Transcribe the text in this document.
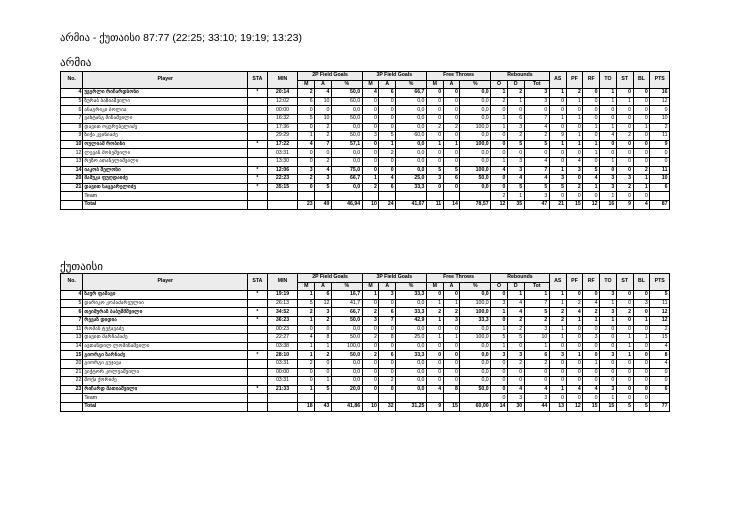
არმია - ქუთაისი 87:77 (22:25; 33:10; 19:19; 13:23)
არმია
No.	Player	STA	MIN	2P Field Goals			3P Field Goals			Free Throws			Rebounds			AS	PF	RF	TO	ST	BL	PTS
				M	A	%	M	A	%	M	A	%	O	D	Tot							
4	უვერლი რიჩარდსონი	*	20:14	2	4	50,0	4	6	66,7	0	0	0,0	1	2	3	1	2	0	1	0	0	16
5	ზურაბ ბაზიაშვილი		12:02	6	10	60,0	0	0	0,0	0	0	0,0	2	1	3	0	1	0	1	1	0	12
6	ანაგრიკი ბოლია		00:00	0	0	0,0	0	0	0,0	0	0	0,0	0	0	0	0	0	0	0	0	0	0
7	ვახტანგ მინაშვილი		16:32	5	10	50,0	0	0	0,0	0	0	0,0	1	6	7	1	1	0	0	0	0	10
8	დავით ოყურუბელიძე		17:36	0	2	0,0	0	0	0,0	2	2	100,0	1	3	4	0	0	1	1	0	1	2
9	ზიქა კვინიაძე		29:29	1	2	50,0	3	5	60,0	0	0	0,0	0	2	2	9	1	0	4	2	0	11
10	ოულიამ რობინი	*	17:22	4	7	57,1	0	1	0,0	1	1	100,0	0	5	5	1	1	1	0	0	0	9
12	ლევან მოსეშვილი		03:31	0	0	0,0	0	2	0,0	0	0	0,0	0	0	0	0	0	1	0	0	0	0
13	რეზო ათანელიშვილი		13:30	0	2	0,0	0	0	0,0	0	0	0,0	1	3	4	0	4	0	1	0	0	0
14	იაკობ შელონი	*	12:06	3	4	75,0	0	0	0,0	5	5	100,0	4	3	7	1	3	5	0	0	2	11
20	მამუკა ფუღდაიძე	*	22:23	2	3	66,7	1	4	25,0	3	6	50,0	0	4	4	3	0	4	3	3	1	10
21	დავით საცვარელიძე	*	35:15	0	5	0,0	2	6	33,3	0	0	0,0	0	5	5	5	2	1	3	2	1	6
	Team												2	1	3	0	0	0	1	0	0	
	Total			23	49	46,94	10	24	41,67	11	14	78,57	12	35	47	21	15	12	16	9	4	87
ქუთაისი
No.	Player	STA	MIN	2P Field Goals			3P Field Goals			Free Throws			Rebounds			AS	PF	RF	TO	ST	BL	PTS
				M	A	%	M	A	%	M	A	%	O	D	Tot							
4	ზაურ ფაშავი	*	19:19	1	6	16,7	1	3	33,3	0	0	0,0	0	1	1	1	0	0	3	0	0	5
5	დარიკო კოპაძარეულიი		26:13	5	12	41,7	0	0	0,0	1	1	100,0	3	4	7	1	2	4	1	0	3	11
6	თეიმურაზ ბაბუშმშვილი	*	34:52	2	3	66,7	2	6	33,3	2	2	100,0	1	4	5	2	4	2	3	2	0	12
7	რევაზ დიდია	*	36:23	1	2	50,0	3	7	42,9	1	3	33,3	0	2	2	2	1	1	1	0	1	12
11	რომან ტეჭავაძე		00:23	0	0	0,0	0	0	0,0	0	0	0,0	1	2	3	1	0	0	0	0	0	2
13	დავით მარჩაპაძე		22:27	4	8	50,0	2	8	25,0	1	1	100,0	5	5	10	1	0	3	0	1	1	15
14	ავთანდილ ლომინაშვილი		03:38	1	1	100,0	0	0	0,0	0	0	0,0	1	0	1	0	0	0	0	1	0	4
15	გიორგი ზარნაძე	*	28:10	1	2	50,0	2	6	33,3	0	0	0,0	3	3	6	3	1	0	3	1	0	8
20	გიორგი გუჯავა		03:31	2	0	0,0	0	0	0,0	0	0	0,0	0	2	2	0	0	1	0	0	0	4
21	ვიქტორ კოლუაშვილი		00:00	0	0	0,0	0	0	0,0	0	0	0,0	0	0	0	0	0	0	0	0	0	0
22	შოქა ქორიძე		03:31	0	1	0,0	0	2	0,0	0	0	0,0	0	0	0	0	0	0	0	0	0	0
23	რიჩარდ მათიაშვილი	*	21:33	1	5	20,0	0	0	0,0	4	8	50,0	0	4	4	1	4	4	3	0	0	6
	Team												0	3	3	0	0	0	1	0	0	
	Total			18	43	41,86	10	32	31,25	9	15	60,00	14	30	44	13	12	15	15	5	5	77
